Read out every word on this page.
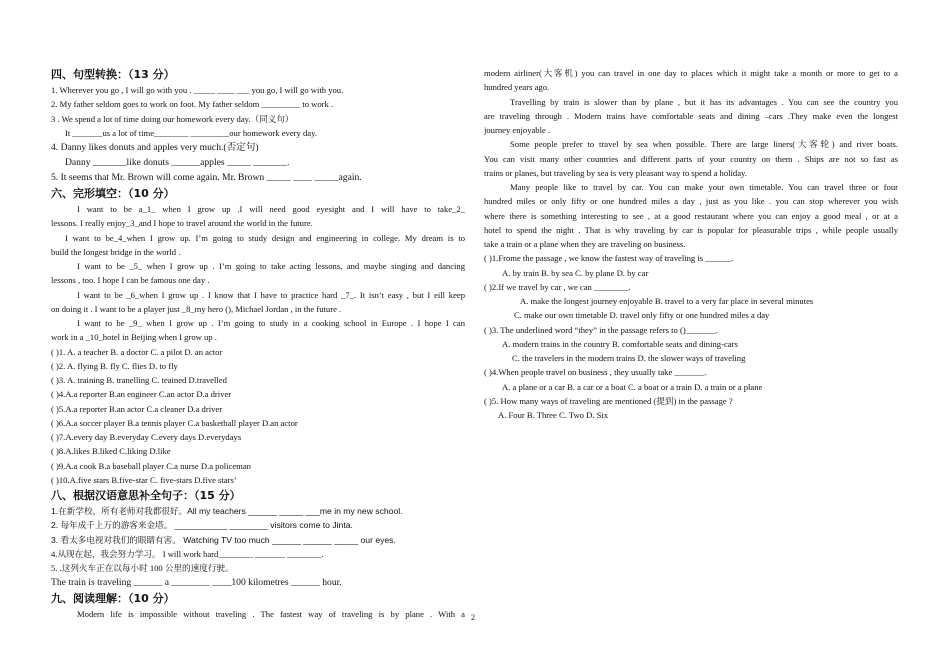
四、句型转换：（13 分）
1. Wherever you go , I will go with you . _____ ____ ___ you go, I will go with you.
2. My father seldom goes to work on foot. My father seldom _________ to work .
3 . We spend a lot of time doing our homework every day.（同义句）
It _______us a lot of time________ _________our homework every day.
4. Danny likes donuts and apples very much.(否定句)
Danny _______like donuts ______apples _____ _______.
5. It seems that Mr. Brown will come again. Mr. Brown _____ ____ _____again.
六、完形填空：（10 分）
I want to be a_1_ when I grow up .I will need good eyesight and I will have to take_2_
lessons. I really enjoy_3_and I hope to travel around the world in the future.
I want to be_4_when I grow up. I’m going to study design and engineering in college. My dream is to
build the longest bridge in the world .
I want to be _5_ when I grow up . I’m going to take acting lessons, and maybe singing and dancing
lessons , too. I hope I can be famous one day .
I want to be _6_when I grow up . I know that I have to practice hard _7_. It isn’t easy , but I eill keep
on doing it . I want to be a player just _8_my hero (), Michael Jordan , in the future .
I want to be _9_ when I grow up . I’m going to study in a cooking school in Europe . I hope I can
work in a _10_hotel in Beijing when I grow up .
( )1. A. a teacher B. a doctor C. a pilot D. an actor
( )2. A. flying B. fly C. flies D. to fly
( )3. A. training B. tranelling C. teained D.travelled
( )4.A.a reporter B.an engineer C.an actor D.a driver
( )5.A.a reporter B.an actor C.a cleaner D.a driver
( )6.A.a soccer player B.a tennis player C.a basketball player D.an actor
( )7.A.every day B.everyday C.every days D.everydays
( )8.A.likes B.liked C.liking D.like
( )9.A.a cook B.a baseball player C.a nurse D.a policeman
( )10.A.five stars B.five-star C. five-stars D.five stars’
八、根据汉语意思补全句子：（15 分）
1.在新学校，所有老师对我都很好。All my teachers ______ _____ ___me in my new school.
2. 每年成千上万的游客来金塔。 ___________ ________ visitors come to Jinta.
3. 看太多电视对我们的眼睛有害。 Watching TV too much ______ ______ _____ our eyes.
4.从现在起，我会努力学习。 I will work hard________ _______ ________.
5. .这列火车正在以每小时 100 公里的速度行驶。
The train is traveling ______ a ________ ____100 kilometres ______ hour.
九、阅读理解：（10 分）
Modern life is impossible without traveling . The fastest way of traveling is by plane . With a
modern airliner(大客机) you can travel in one day to places which it might take a month or more to get to a
hundred years ago.
Travelling by train is slower than by plane , but it has its advantages . You can see the country you
are traveling through . Modern trains have comfortable seats and dining –cars .They make even the longest
journey enjoyable .
Some people prefer to travel by sea when possible. There are large liners(大客轮) and river boats.
You can visit many other countries and different parts of your country on them . Ships are not so fast as
trains or planes, but traveling by sea is very pleasant way to spend a holiday.
Many people like to travel by car. You can make your own timetable. You can travel three or four
hundred miles or only fifty or one hundred miles a day , just as you like . you can stop wherever you wish
where there is something interesting to see , at a good restaurant where you can enjoy a good meal , or at a
hotel to spend the night . That is why traveling by car is popular for pleasurable trips , while people usually
take a train or a plane when they are traveling on business.
( )1.Frome the passage , we know the fastest way of traveling is ______.
A. by train B. by sea C. by plane D. by car
( )2.If we travel by car , we can ________.
A. make the longest journey enjoyable B. travel to a very far place in several minutes
C. make our own timetable D. travel only fifty or one hundred miles a day
( )3. The underlined word “they” in the passage refers to ()_______.
A. modern trains in the country B. comfortable seats and dining-cars
C. the travelers in the modern trains D. the slower ways of traveling
( )4.When people travel on business , they usually take _______.
A. a plane or a car B. a car or a boat C. a boat or a train D. a train or a plane
( )5. How many ways of traveling are mentioned (提到) in the passage ?
A. Four B. Three C. Two D. Six
2
